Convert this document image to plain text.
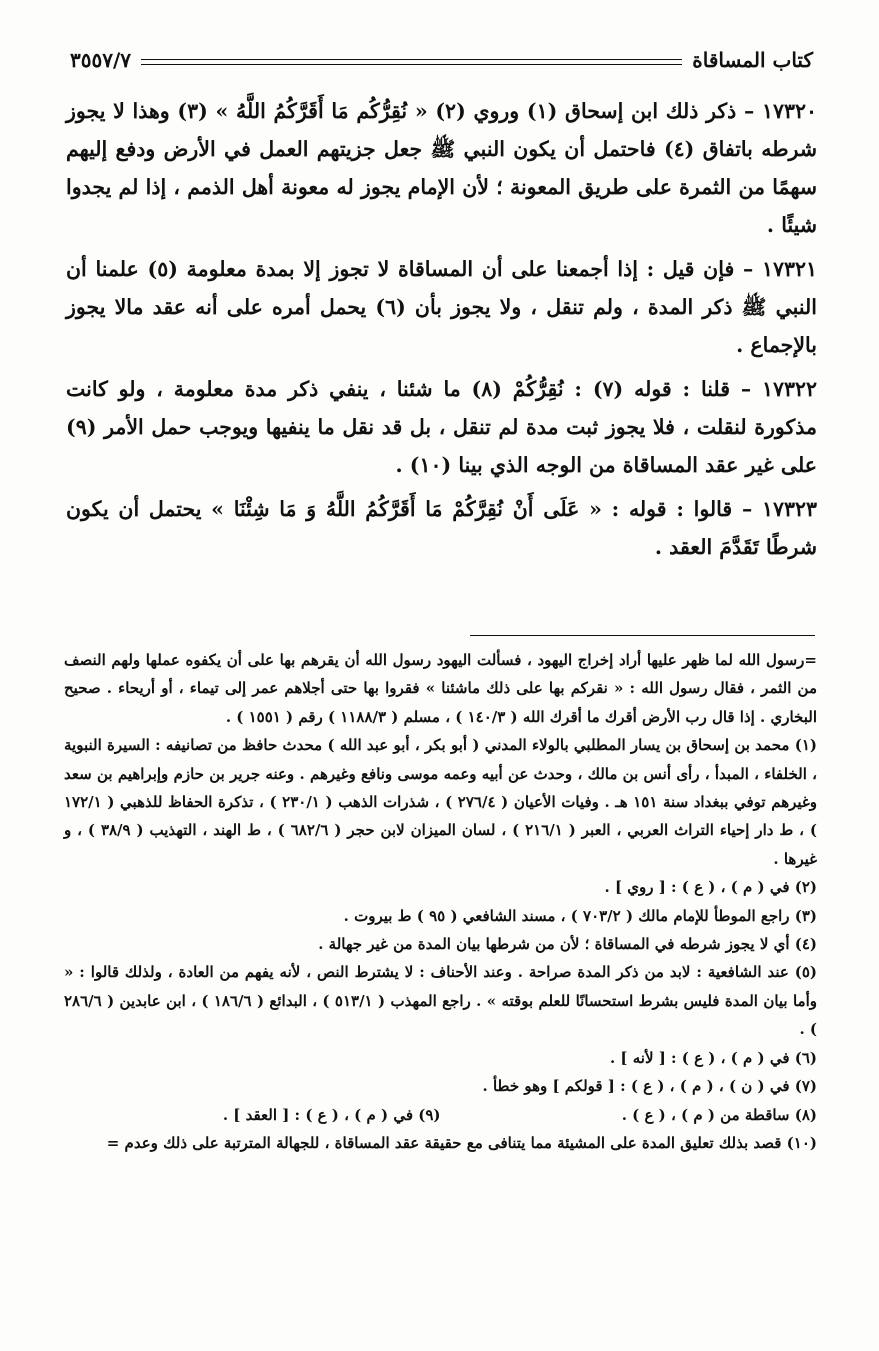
كتاب المساقاة
٣٥٥٧/٧

١٧٣٢٠ – ذكر ذلك ابن إسحاق (١) وروي (٢) « نُقِرُّكُم مَا أَقَرَّكُمُ اللَّهُ » (٣) وهذا لا يجوز شرطه باتفاق (٤) فاحتمل أن يكون النبي ﷺ جعل جزيتهم العمل في الأرض ودفع إليهم سهمًا من الثمرة على طريق المعونة ؛ لأن الإمام يجوز له معونة أهل الذمم ، إذا لم يجدوا شيئًا .

١٧٣٢١ – فإن قيل : إذا أجمعنا على أن المساقاة لا تجوز إلا بمدة معلومة (٥) علمنا أن النبي ﷺ ذكر المدة ، ولم تنقل ، ولا يجوز بأن (٦) يحمل أمره على أنه عقد مالا يجوز بالإجماع .

١٧٣٢٢ – قلنا : قوله (٧) : نُقِرُّكُمْ (٨) ما شئنا ، ينفي ذكر مدة معلومة ، ولو كانت مذكورة لنقلت ، فلا يجوز ثبت مدة لم تنقل ، بل قد نقل ما ينفيها ويوجب حمل الأمر (٩) على غير عقد المساقاة من الوجه الذي بينا (١٠) .

١٧٣٢٣ – قالوا : قوله : « عَلَى أَنْ نُقِرَّكُمْ مَا أَقَرَّكُمُ اللَّهُ وَ مَا شِئْنَا » يحتمل أن يكون شرطًا تَقَدَّمَ العقد .

=رسول الله لما ظهر عليها أراد إخراج اليهود ، فسألت اليهود رسول الله أن يقرهم بها على أن يكفوه عملها ولهم النصف من الثمر ، فقال رسول الله : « نقركم بها على ذلك ماشئنا » فقروا بها حتى أجلاهم عمر إلى تيماء ، أو أريحاء . صحيح البخاري . إذا قال رب الأرض أقرك ما أقرك الله ( ١٤٠/٣ ) ، مسلم ( ١١٨٨/٣ ) رقم ( ١٥٥١ ) .

(١) محمد بن إسحاق بن يسار المطلبي بالولاء المدني ( أبو بكر ، أبو عبد الله ) محدث حافظ من تصانيفه : السيرة النبوية ، الخلفاء ، المبدأ ، رأى أنس بن مالك ، وحدث عن أبيه وعمه موسى ونافع وغيرهم . وعنه جرير بن حازم وإبراهيم بن سعد وغيرهم توفي ببغداد سنة ١٥١ هـ . وفيات الأعيان ( ٢٧٦/٤ ) ، شذرات الذهب ( ٢٣٠/١ ) ، تذكرة الحفاظ للذهبي ( ١٧٢/١ ) ، ط دار إحياء التراث العربي ، العبر ( ٢١٦/١ ) ، لسان الميزان لابن حجر ( ٦٨٢/٦ ) ، ط الهند ، التهذيب ( ٣٨/٩ ) ، و غيرها .

(٢) في ( م ) ، ( ع ) : [ روي ] .

(٣) راجع الموطأ للإمام مالك ( ٧٠٣/٢ ) ، مسند الشافعي ( ٩٥ ) ط بيروت .

(٤) أي لا يجوز شرطه في المساقاة ؛ لأن من شرطها بيان المدة من غير جهالة .

(٥) عند الشافعية : لابد من ذكر المدة صراحة . وعند الأحناف : لا يشترط النص ، لأنه يفهم من العادة ، ولذلك قالوا : « وأما بيان المدة فليس بشرط استحسانًا للعلم بوقته » . راجع المهذب ( ٥١٣/١ ) ، البدائع ( ١٨٦/٦ ) ، ابن عابدين ( ٢٨٦/٦ ) .

(٦) في ( م ) ، ( ع ) : [ لأنه ] .

(٧) في ( ن ) ، ( م ) ، ( ع ) : [ قولكم ] وهو خطأ .

(٨) ساقطة من ( م ) ، ( ع ) .
(٩) في ( م ) ، ( ع ) : [ العقد ] .

(١٠) قصد بذلك تعليق المدة على المشيئة مما يتنافى مع حقيقة عقد المساقاة ، للجهالة المترتبة على ذلك وعدم =
